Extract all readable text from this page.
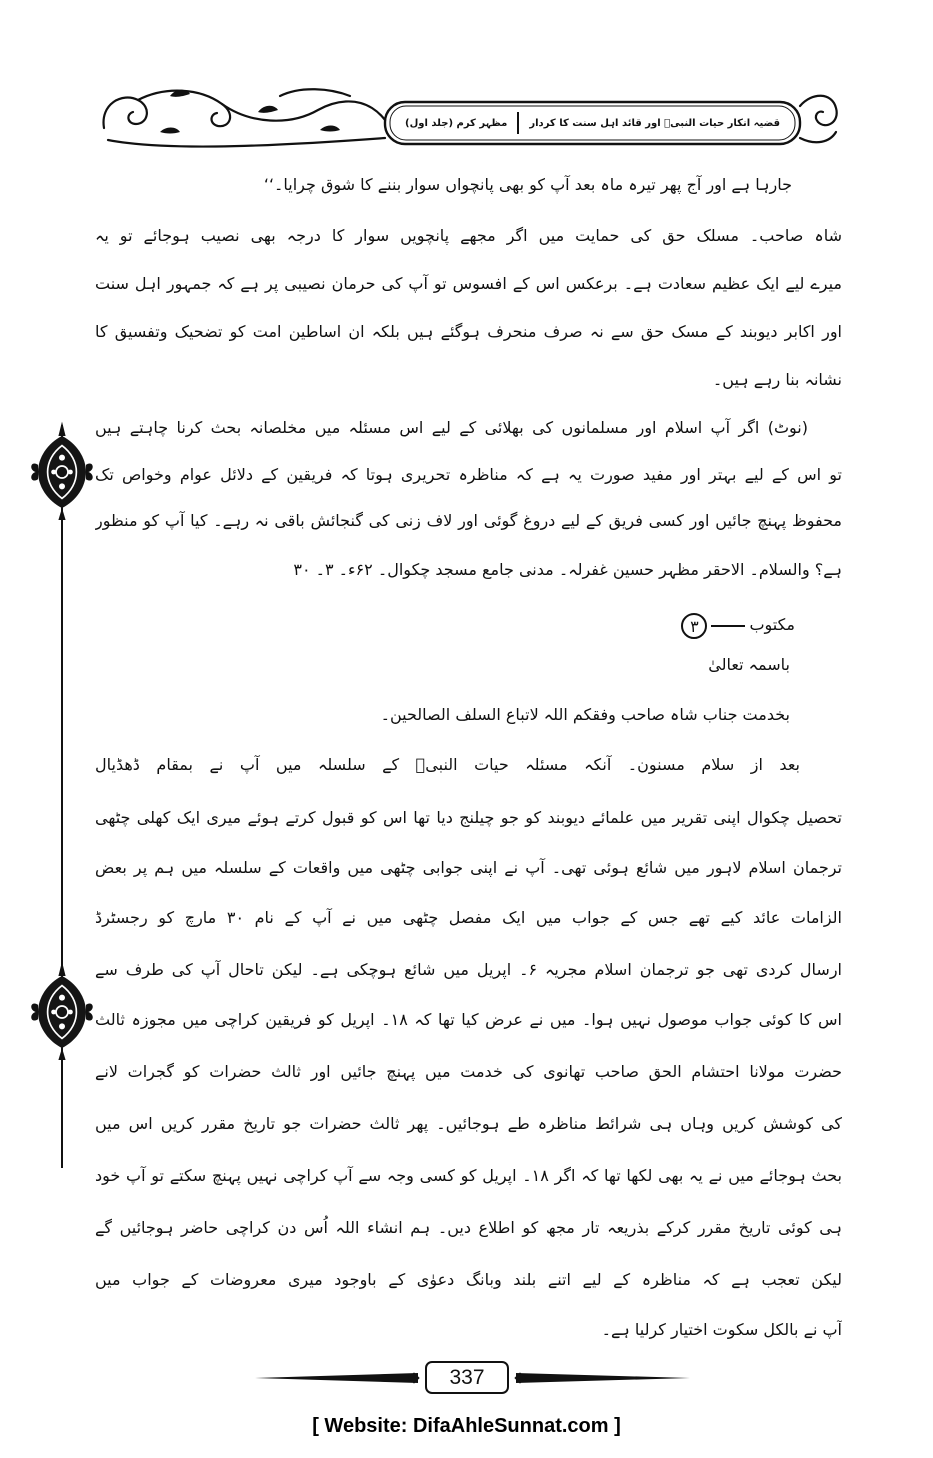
قضیہ انکار حیات النبیؐ اور قائد اہل سنت کا کردار
مظہر کرم (جلد اول)
جارہا ہے اور آج پھر تیرہ ماہ بعد آپ کو بھی پانچواں سوار بننے کا شوق چرایا۔‘‘
شاہ صاحب۔ مسلک حق کی حمایت میں اگر مجھے پانچویں سوار کا درجہ بھی نصیب ہوجائے تو یہ
میرے لیے ایک عظیم سعادت ہے۔ برعکس اس کے افسوس تو آپ کی حرمان نصیبی پر ہے کہ جمہور اہل سنت
اور اکابر دیوبند کے مسک حق سے نہ صرف منحرف ہوگئے ہیں بلکہ ان اساطین امت کو تضحیک وتفسیق کا
نشانہ بنا رہے ہیں۔
(نوٹ) اگر آپ اسلام اور مسلمانوں کی بھلائی کے لیے اس مسئلہ میں مخلصانہ بحث کرنا چاہتے ہیں
تو اس کے لیے بہتر اور مفید صورت یہ ہے کہ مناظرہ تحریری ہوتا کہ فریقین کے دلائل عوام وخواص تک
محفوظ پہنچ جائیں اور کسی فریق کے لیے دروغ گوئی اور لاف زنی کی گنجائش باقی نہ رہے۔ کیا آپ کو منظور
ہے؟ والسلام۔ الاحقر مظہر حسین غفرلہ۔ مدنی جامع مسجد چکوال۔ ۶۲ء۔ ۳۔ ۳۰
مکتوب۳
باسمہ تعالیٰ
بخدمت جناب شاہ صاحب وفقکم اللہ لاتباع السلف الصالحین۔
بعد از سلام مسنون۔ آنکہ مسئلہ حیات النبیؐ کے سلسلہ میں آپ نے بمقام ڈھڈیال
تحصیل چکوال اپنی تقریر میں علمائے دیوبند کو جو چیلنج دیا تھا اس کو قبول کرتے ہوئے میری ایک کھلی چٹھی
ترجمان اسلام لاہور میں شائع ہوئی تھی۔ آپ نے اپنی جوابی چٹھی میں واقعات کے سلسلہ میں ہم پر بعض
الزامات عائد کیے تھے جس کے جواب میں ایک مفصل چٹھی میں نے آپ کے نام ۳۰ مارچ کو رجسٹرڈ
ارسال کردی تھی جو ترجمان اسلام مجریہ ۶۔ اپریل میں شائع ہوچکی ہے۔ لیکن تاحال آپ کی طرف سے
اس کا کوئی جواب موصول نہیں ہوا۔ میں نے عرض کیا تھا کہ ۱۸۔ اپریل کو فریقین کراچی میں مجوزہ ثالث
حضرت مولانا احتشام الحق صاحب تھانوی کی خدمت میں پہنچ جائیں اور ثالث حضرات کو گجرات لانے
کی کوشش کریں وہاں ہی شرائط مناظرہ طے ہوجائیں۔ پھر ثالث حضرات جو تاریخ مقرر کریں اس میں
بحث ہوجائے میں نے یہ بھی لکھا تھا کہ اگر ۱۸۔ اپریل کو کسی وجہ سے آپ کراچی نہیں پہنچ سکتے تو آپ خود
ہی کوئی تاریخ مقرر کرکے بذریعہ تار مجھ کو اطلاع دیں۔ ہم انشاء اللہ اُس دن کراچی حاضر ہوجائیں گے
لیکن تعجب ہے کہ مناظرہ کے لیے اتنے بلند وبانگ دعوٰی کے باوجود میری معروضات کے جواب میں
آپ نے بالکل سکوت اختیار کرلیا ہے۔
337
[ Website: DifaAhleSunnat.com ]
